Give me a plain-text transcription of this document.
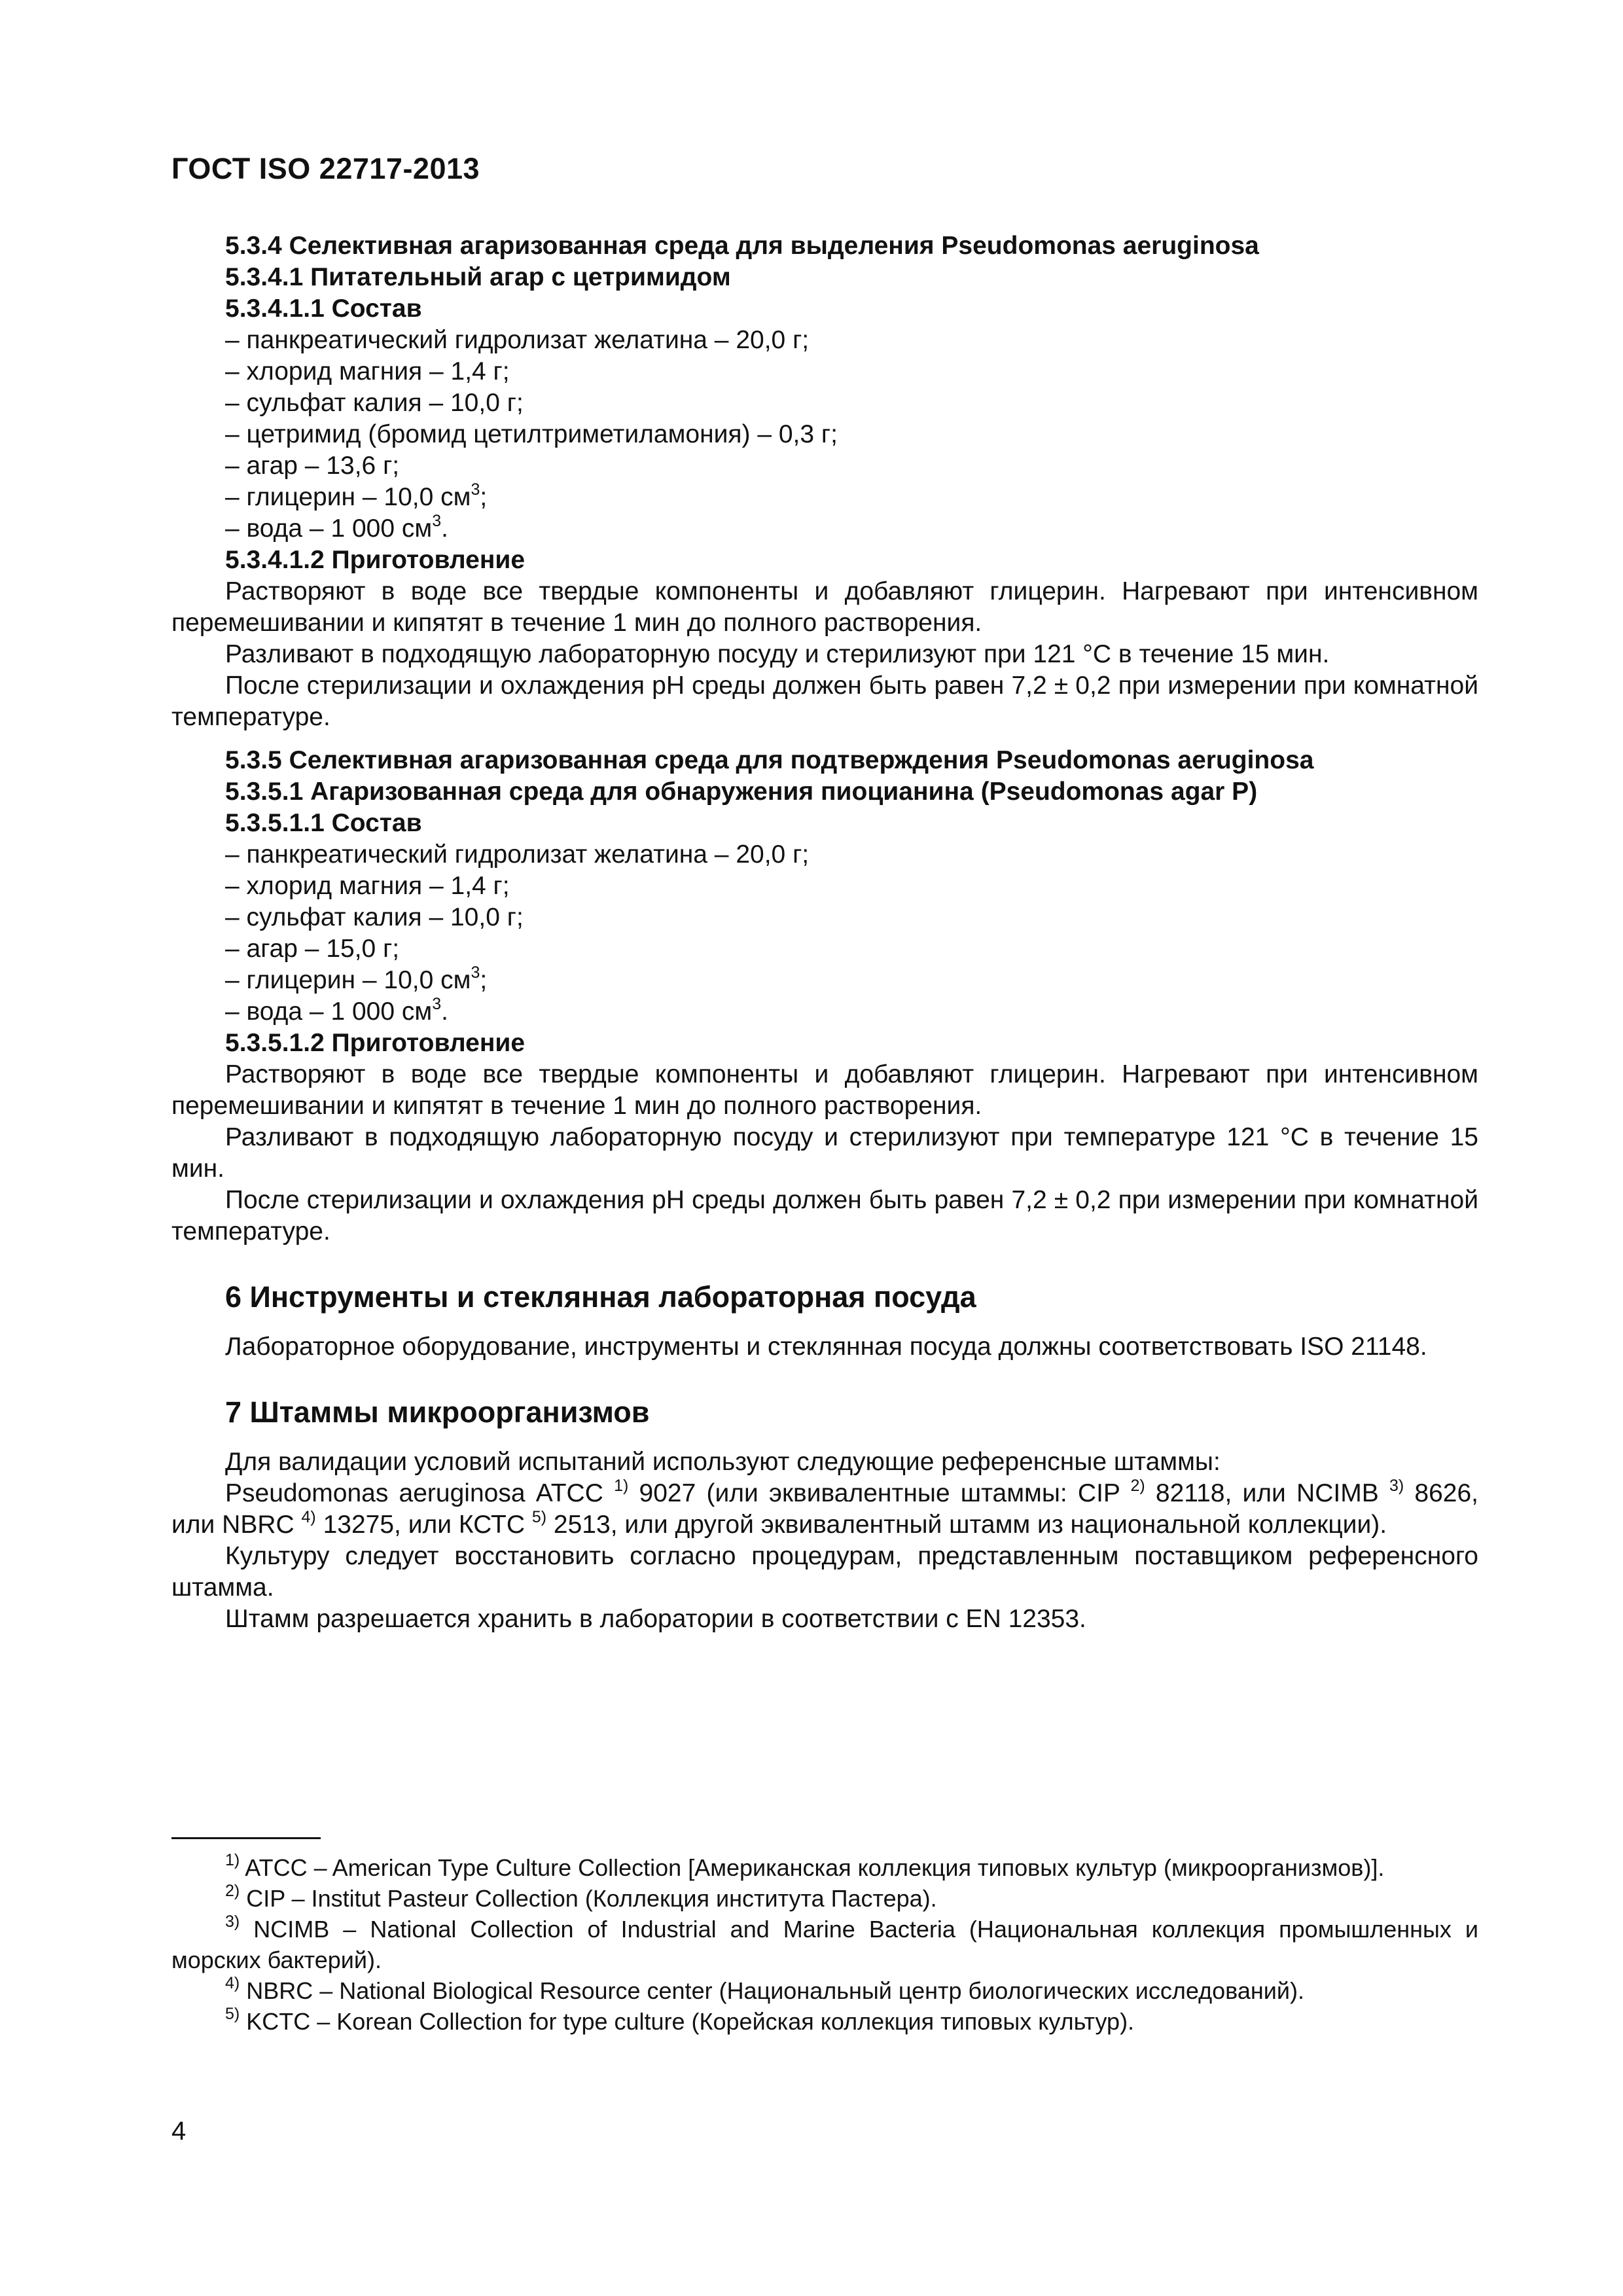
ГОСТ ISO 22717-2013

5.3.4 Селективная агаризованная среда для выделения Pseudomonas aeruginosa

5.3.4.1 Питательный агар с цетримидом

5.3.4.1.1 Состав

– панкреатический гидролизат желатина – 20,0 г;

– хлорид магния – 1,4 г;

– сульфат калия – 10,0 г;

– цетримид (бромид цетилтриметиламония) – 0,3 г;

– агар – 13,6 г;

– глицерин – 10,0 $см^3$;

– вода – 1 000 $см^3$.

5.3.4.1.2 Приготовление

Растворяют в воде все твердые компоненты и добавляют глицерин. Нагревают при интенсивном перемешивании и кипятят в течение 1 мин до полного растворения.

Разливают в подходящую лабораторную посуду и стерилизуют при 121 °С в течение 15 мин.

После стерилизации и охлаждения pH среды должен быть равен 7,2 ± 0,2 при измерении при комнатной температуре.

5.3.5 Селективная агаризованная среда для подтверждения Pseudomonas aeruginosa

5.3.5.1 Агаризованная среда для обнаружения пиоцианина (Pseudomonas agar P)

5.3.5.1.1 Состав

– панкреатический гидролизат желатина – 20,0 г;

– хлорид магния – 1,4 г;

– сульфат калия – 10,0 г;

– агар – 15,0 г;

– глицерин – 10,0 $см^3$;

– вода – 1 000 $см^3$.

5.3.5.1.2 Приготовление

Растворяют в воде все твердые компоненты и добавляют глицерин. Нагревают при интенсивном перемешивании и кипятят в течение 1 мин до полного растворения.

Разливают в подходящую лабораторную посуду и стерилизуют при температуре 121 °С в течение 15 мин.

После стерилизации и охлаждения pH среды должен быть равен 7,2 ± 0,2 при измерении при комнатной температуре.

6 Инструменты и стеклянная лабораторная посуда

Лабораторное оборудование, инструменты и стеклянная посуда должны соответствовать ISO 21148.

7 Штаммы микроорганизмов

Для валидации условий испытаний используют следующие референсные штаммы:

Pseudomonas aeruginosa АТСС $^{1)}$ 9027 (или эквивалентные штаммы: CIP $^{2)}$ 82118, или NCIMB $^{3)}$ 8626, или NBRC $^{4)}$ 13275, или КСТС $^{5)}$ 2513, или другой эквивалентный штамм из национальной коллекции).

Культуру следует восстановить согласно процедурам, представленным поставщиком референсного штамма.

Штамм разрешается хранить в лаборатории в соответствии с EN 12353.

$^{1)}$ ATCC – American Type Culture Collection [Американская коллекция типовых культур (микроорганизмов)].

$^{2)}$ CIP – Institut Pasteur Collection (Коллекция института Пастера).

$^{3)}$ NCIMB – National Collection of Industrial and Marine Bacteria (Национальная коллекция промышленных и морских бактерий).

$^{4)}$ NBRC – National Biological Resource center (Национальный центр биологических исследований).

$^{5)}$ KCTC – Korean Collection for type culture (Корейская коллекция типовых культур).

4
